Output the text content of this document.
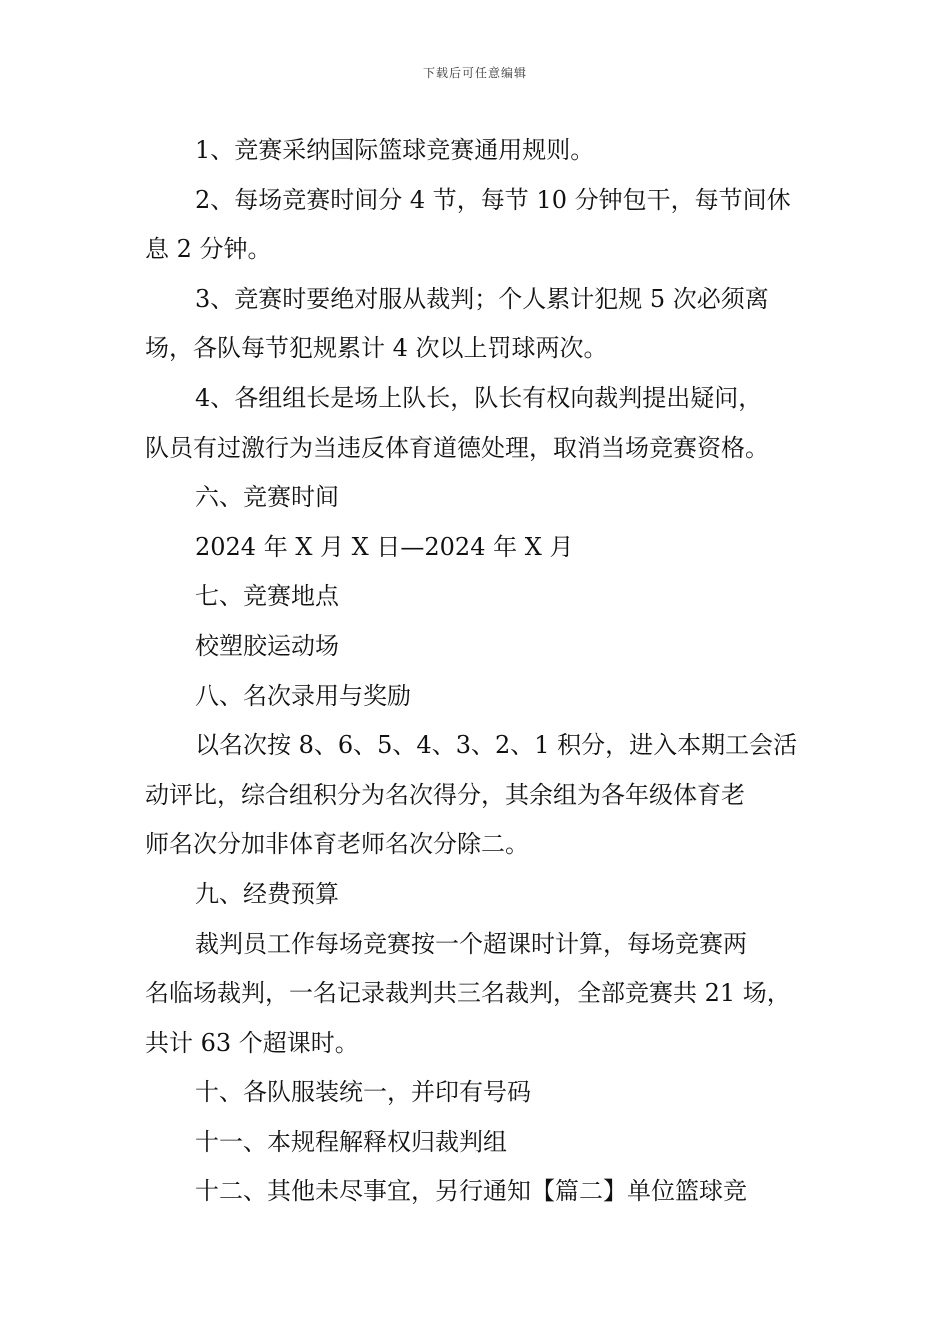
下载后可任意编辑
1、竞赛采纳国际篮球竞赛通用规则。
2、每场竞赛时间分 4 节，每节 10 分钟包干，每节间休
息 2 分钟。
3、竞赛时要绝对服从裁判；个人累计犯规 5 次必须离
场，各队每节犯规累计 4 次以上罚球两次。
4、各组组长是场上队长，队长有权向裁判提出疑问，
队员有过激行为当违反体育道德处理，取消当场竞赛资格。
六、竞赛时间
2024 年 X 月 X 日—2024 年 X 月
七、竞赛地点
校塑胶运动场
八、名次录用与奖励
以名次按 8、6、5、4、3、2、1 积分，进入本期工会活
动评比，综合组积分为名次得分，其余组为各年级体育老
师名次分加非体育老师名次分除二。
九、经费预算
裁判员工作每场竞赛按一个超课时计算，每场竞赛两
名临场裁判，一名记录裁判共三名裁判，全部竞赛共 21 场，
共计 63 个超课时。
十、各队服装统一，并印有号码
十一、本规程解释权归裁判组
十二、其他未尽事宜，另行通知【篇二】单位篮球竞
